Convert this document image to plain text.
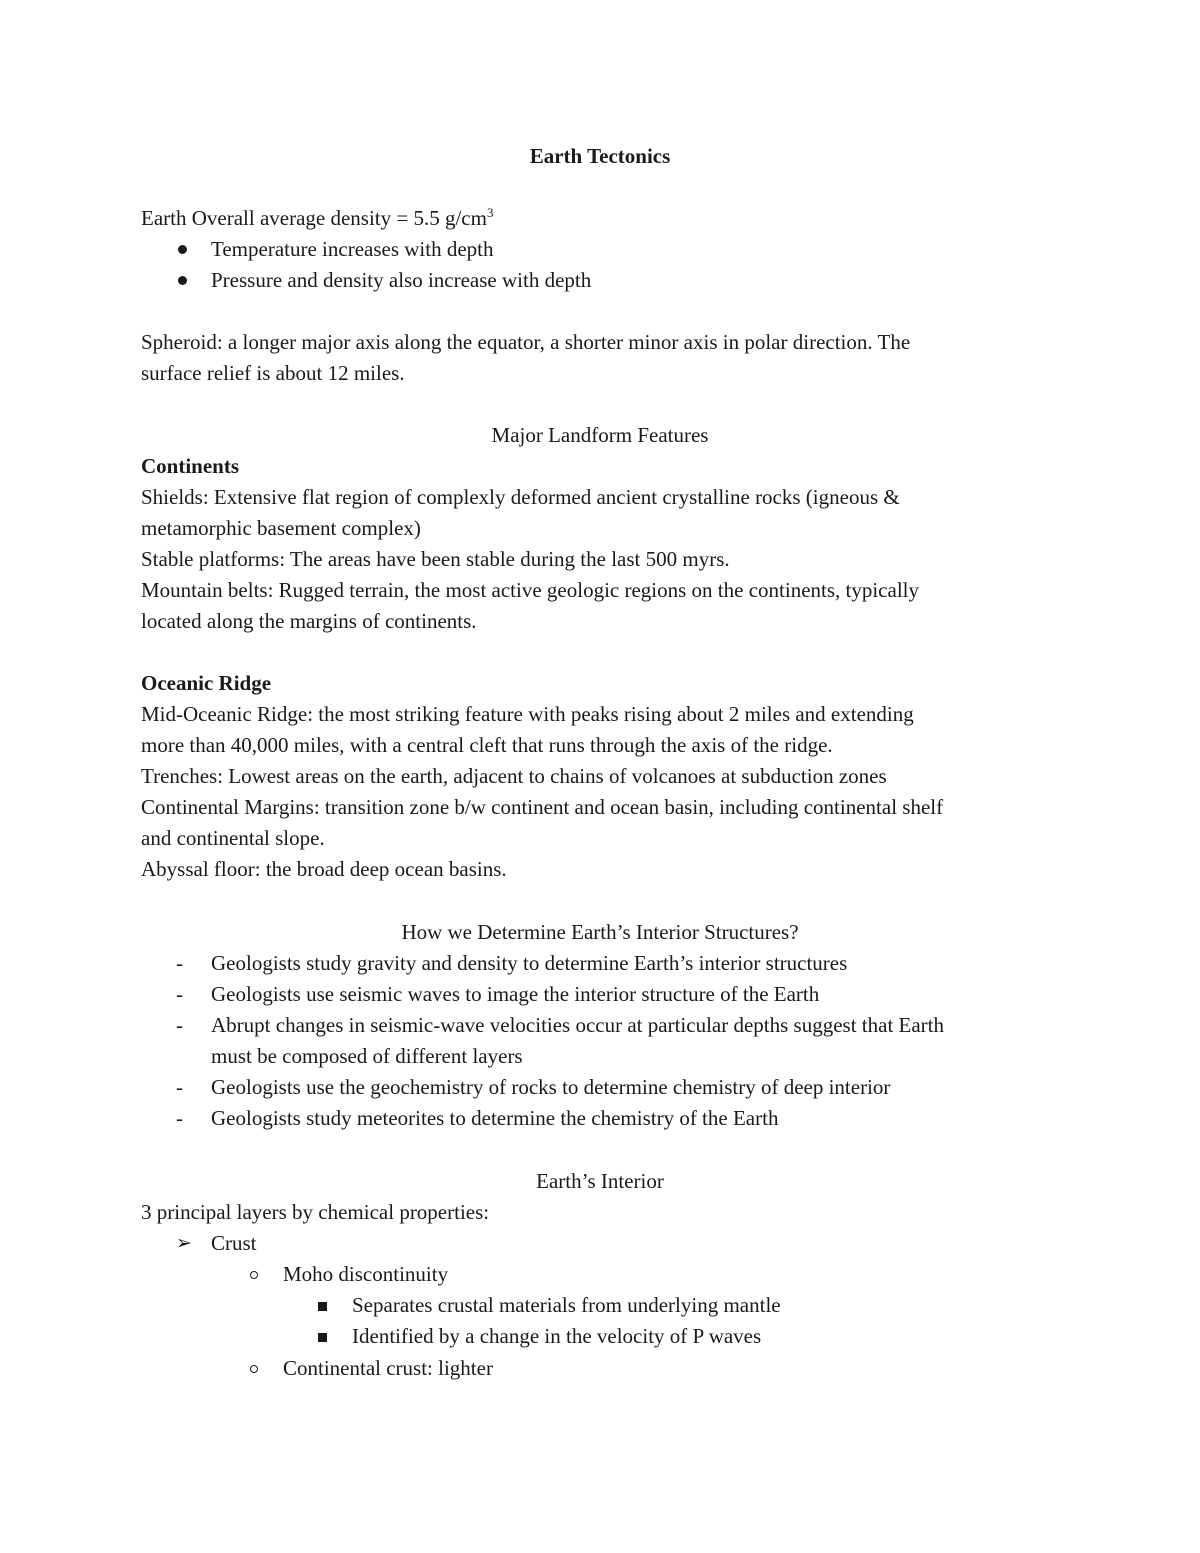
Earth Tectonics
Earth Overall average density = 5.5 $g/cm^3$
Temperature increases with depth
Pressure and density also increase with depth
Spheroid: a longer major axis along the equator, a shorter minor axis in polar direction. The
surface relief is about 12 miles.
Major Landform Features
Continents
Shields: Extensive flat region of complexly deformed ancient crystalline rocks (igneous &
metamorphic basement complex)
Stable platforms: The areas have been stable during the last 500 myrs.
Mountain belts: Rugged terrain, the most active geologic regions on the continents, typically
located along the margins of continents.
Oceanic Ridge
Mid-Oceanic Ridge: the most striking feature with peaks rising about 2 miles and extending
more than 40,000 miles, with a central cleft that runs through the axis of the ridge.
Trenches: Lowest areas on the earth, adjacent to chains of volcanoes at subduction zones
Continental Margins: transition zone b/w continent and ocean basin, including continental shelf
and continental slope.
Abyssal floor: the broad deep ocean basins.
How we Determine Earth’s Interior Structures?
- Geologists study gravity and density to determine Earth’s interior structures
- Geologists use seismic waves to image the interior structure of the Earth
- Abrupt changes in seismic-wave velocities occur at particular depths suggest that Earth
must be composed of different layers
- Geologists use the geochemistry of rocks to determine chemistry of deep interior
- Geologists study meteorites to determine the chemistry of the Earth
Earth’s Interior
3 principal layers by chemical properties:
➢ Crust
Moho discontinuity
Separates crustal materials from underlying mantle
Identified by a change in the velocity of P waves
Continental crust: lighter
